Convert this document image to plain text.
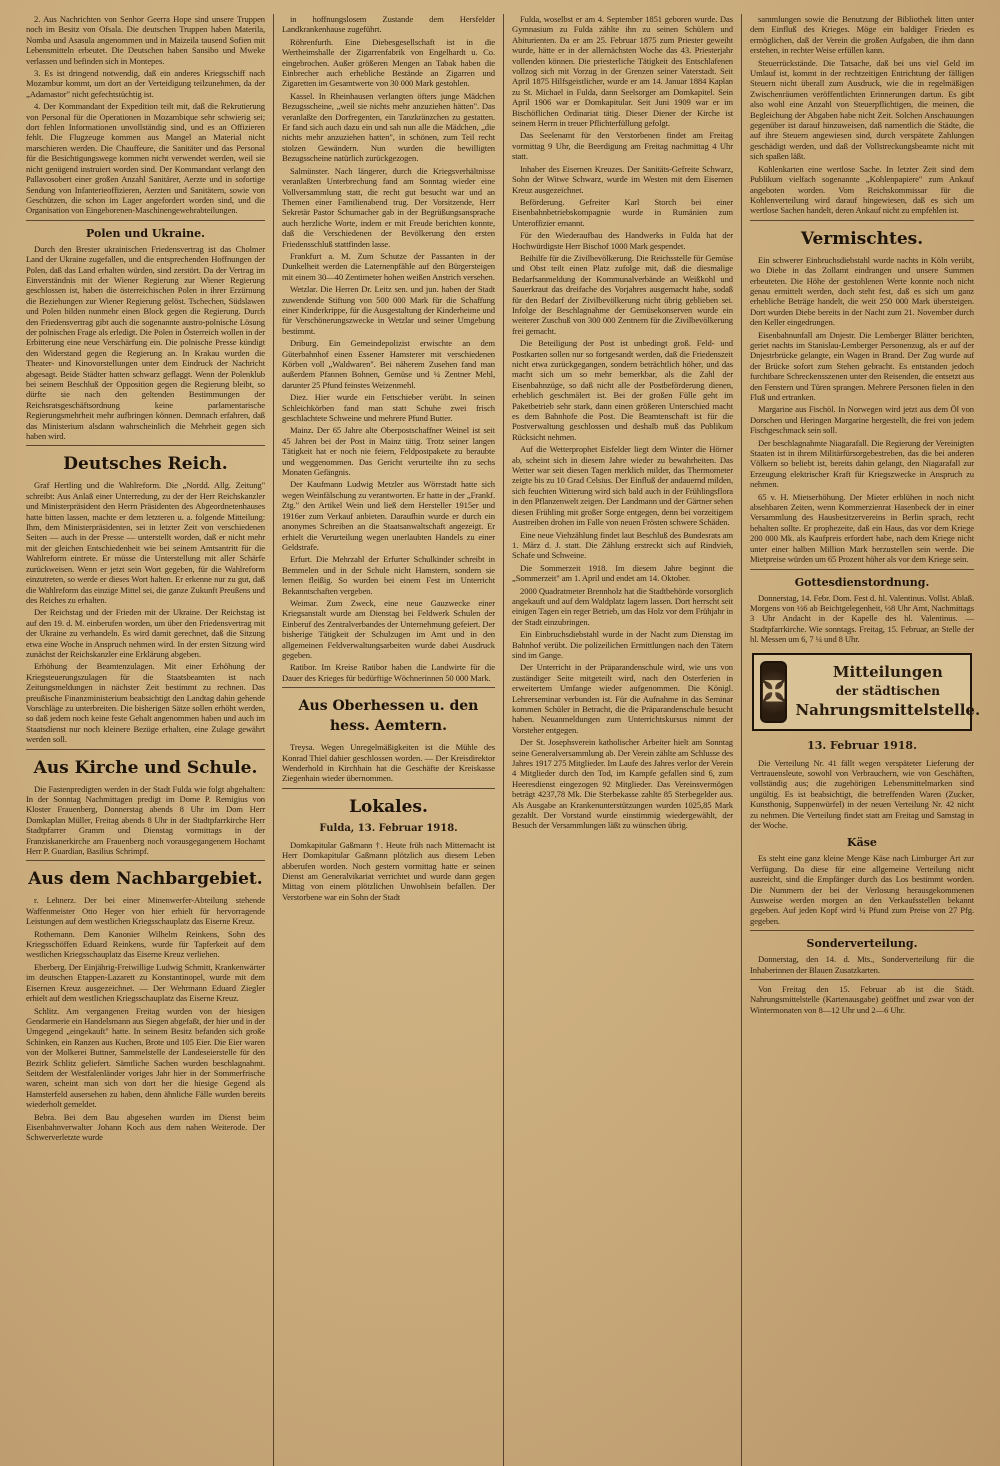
2. Aus Nachrichten von Senhor Geerra Hope sind unsere Truppen noch im Besitz von Ofsala. Die deutschen Truppen haben Materila, Nomba und Asasula angenommen und in Maizeila tausend Sofien mit Lebensmitteln erbeutet. Die Deutschen haben Sansibo und Mweke verlassen und befinden sich in Montepes.

3. Es ist dringend notwendig, daß ein anderes Kriegsschiff nach Mozambur kommt, um dort an der Verteidigung teilzunehmen, da der „Adamastor" nicht gefechtstüchtig ist.

4. Der Kommandant der Expedition teilt mit, daß die Rekrutierung von Personal für die Operationen in Mozambique sehr schwierig sei; dort fehlen Informationen unvollständig sind, und es an Offizieren fehlt. Die Flugzeuge kommen aus Mangel an Material nicht marschieren werden. Die Chauffeure, die Sanitäter und das Personal für die Besichtigungswege kommen nicht verwendet werden, weil sie nicht genügend instruiert worden sind. Der Kommandant verlangt den Pallavosobert einer großen Anzahl Sanitärer, Aerzte und in sofortige Sendung von Infanterieoffizieren, Aerzten und Sanitätern, sowie von Geschützen, die schon im Lager angefordert worden sind, und die Organisation von Eingeborenen-Maschinengewehrabteilungen.

Polen und Ukraine.

Durch den Brester ukrainischen Friedensvertrag ist das Cholmer Land der Ukraine zugefallen, und die entsprechenden Hoffnungen der Polen, daß das Land erhalten würden, sind zerstört. Da der Vertrag im Einverständnis mit der Wiener Regierung zur Wiener Regierung geschlossen ist, haben die österreichischen Polen in ihrer Erzürnung die Beziehungen zur Wiener Regierung gelöst. Tschechen, Südslawen und Polen bilden nunmehr einen Block gegen die Regierung. Durch den Friedensvertrag gibt auch die sogenannte austro-polnische Lösung der polnischen Frage als erledigt. Die Polen in Österreich wollen in der Erbitterung eine neue Verschärfung ein. Die polnische Presse kündigt den Widerstand gegen die Regierung an. In Krakau wurden die Theater- und Kinovorstellungen unter dem Eindruck der Nachricht abgesagt. Beide Städter hatten schwarz geflaggt. Wenn der Polenklub bei seinem Beschluß der Opposition gegen die Regierung bleibt, so dürfte sie nach den geltenden Bestimmungen der Reichsratsgeschäftsordnung keine parlamentarische Regierungsmehrheit mehr aufbringen können. Demnach erfahren, daß das Ministerium alsdann wahrscheinlich die Mehrheit gegen sich haben wird.

Deutsches Reich.

Graf Hertling und die Wahlreform. Die „Nordd. Allg. Zeitung" schreibt: Aus Anlaß einer Unterredung, zu der der Herr Reichskanzler und Ministerpräsident den Herrn Präsidenten des Abgeordnetenhauses hatte bitten lassen, machte er dem letzteren u. a. folgende Mitteilung: Ihm, dem Ministerpräsidenten, sei in letzter Zeit von verschiedenen Seiten — auch in der Presse — unterstellt worden, daß er nicht mehr mit der gleichen Entschiedenheit wie bei seinem Amtsantritt für die Wahlreform eintrete. Er müsse die Unterstellung mit aller Schärfe zurückweisen. Wenn er jetzt sein Wort gegeben, für die Wahlreform einzutreten, so werde er dieses Wort halten. Er erkenne nur zu gut, daß die Wahlreform das einzige Mittel sei, die ganze Zukunft Preußens und des Reiches zu erhalten.

Der Reichstag und der Frieden mit der Ukraine. Der Reichstag ist auf den 19. d. M. einberufen worden, um über den Friedensvertrag mit der Ukraine zu verhandeln. Es wird damit gerechnet, daß die Sitzung etwa eine Woche in Anspruch nehmen wird. In der ersten Sitzung wird zunächst der Reichskanzler eine Erklärung abgeben.

Erhöhung der Beamtenzulagen. Mit einer Erhöhung der Kriegsteuerungszulagen für die Staatsbeamten ist nach Zeitungsmeldungen in nächster Zeit bestimmt zu rechnen. Das preußische Finanzministerium beabsichtigt den Landtag dahin gehende Vorschläge zu unterbreiten. Die bisherigen Sätze sollen erhöht werden, so daß jedem noch keine feste Gehalt angenommen haben und auch im Staatsdienst nur noch kleinere Bezüge erhalten, eine Zulage gewährt werden soll.

Aus Kirche und Schule.

Die Fastenpredigten werden in der Stadt Fulda wie folgt abgehalten: In der Sonntag Nachmittagen predigt im Dome P. Remigius von Kloster Frauenberg, Donnerstag abends 8 Uhr im Dom Herr Domkaplan Müller, Freitag abends 8 Uhr in der Stadtpfarrkirche Herr Stadtpfarrer Gramm und Dienstag vormittags in der Franziskanerkirche am Frauenberg noch vorausgegangenem Hochamt Herr P. Guardian, Basilius Schrimpf.

Aus dem Nachbargebiet.

r. Lehnerz. Der bei einer Minenwerfer-Abteilung stehende Waffenmeister Otto Heger von hier erhielt für hervorragende Leistungen auf dem westlichen Kriegsschauplatz das Eiserne Kreuz.

Rothemann. Dem Kanonier Wilhelm Reinkens, Sohn des Kriegsschöffen Eduard Reinkens, wurde für Tapferkeit auf dem westlichen Kriegsschauplatz das Eiserne Kreuz verliehen.

Eberberg. Der Einjährig-Freiwillige Ludwig Schmitt, Krankenwärter im deutschen Etappen-Lazarett zu Konstantinopel, wurde mit dem Eisernen Kreuz ausgezeichnet. — Der Wehrmann Eduard Ziegler erhielt auf dem westlichen Kriegsschauplatz das Eiserne Kreuz.

Schlitz. Am vergangenen Freitag wurden von der hiesigen Gendarmerie ein Handelsmann aus Siegen abgefaßt, der hier und in der Umgegend „eingekauft" hatte. In seinem Besitz befanden sich große Schinken, ein Ranzen aus Kuchen, Brote und 105 Eier. Die Eier waren von der Molkerei Buttner, Sammelstelle der Landeseierstelle für den Bezirk Schlitz geliefert. Sämtliche Sachen wurden beschlagnahmt. Seitdem der Westfalenländer voriges Jahr hier in der Sommerfrische waren, scheint man sich von dort her die hiesige Gegend als Hamsterfeld ausersehen zu haben, denn ähnliche Fälle wurden bereits wiederholt gemeldet.

Bebra. Bei dem Bau abgesehen wurden im Dienst beim Eisenbahnverwalter Johann Koch aus dem nahen Weiterode. Der Schwerverletzte wurde

in hoffnungslosem Zustande dem Hersfelder Landkrankenhause zugeführt.

Röhrenfurth. Eine Diebesgesellschaft ist in die Wertheimshalle der Zigarrenfabrik von Engelhardt u. Co. eingebrochen. Außer größeren Mengen an Tabak haben die Einbrecher auch erhebliche Bestände an Zigarren und Zigaretten im Gesamtwerte von 30 000 Mark gestohlen.

Kassel. In Rheinhausen verlangten öfters junge Mädchen Bezugsscheine, „weil sie nichts mehr anzuziehen hätten". Das veranlaßte den Dorfregenten, ein Tanzkränzchen zu gestatten. Er fand sich auch dazu ein und sah nun alle die Mädchen, „die nichts mehr anzuziehen hatten", in schönen, zum Teil recht stolzen Gewändern. Nun wurden die bewilligten Bezugsscheine natürlich zurückgezogen.

Salmünster. Nach längerer, durch die Kriegsverhältnisse veranlaßten Unterbrechung fand am Sonntag wieder eine Vollversammlung statt, die recht gut besucht war und an Themen einer Familienabend trug. Der Vorsitzende, Herr Sekretär Pastor Schumacher gab in der Begrüßungsansprache auch herzliche Worte, indem er mit Freude berichten konnte, daß die Verschiedenen der Bevölkerung den ersten Friedensschluß stattfinden lasse.

Frankfurt a. M. Zum Schutze der Passanten in der Dunkelheit werden die Laternenpfähle auf den Bürgersteigen mit einem 30—40 Zentimeter hohen weißen Anstrich versehen.

Wetzlar. Die Herren Dr. Leitz sen. und jun. haben der Stadt zuwendende Stiftung von 500 000 Mark für die Schaffung einer Kinderkrippe, für die Ausgestaltung der Kinderheime und für Verschönerungszwecke in Wetzlar und seiner Umgebung bestimmt.

Driburg. Ein Gemeindepolizist erwischte an dem Güterbahnhof einen Essener Hamsterer mit verschiedenen Körben voll „Waldwaren". Bei näherem Zusehen fand man außerdem Pfannen Bohnen, Gemüse und ¼ Zentner Mehl, darunter 25 Pfund feinstes Weizenmehl.

Diez. Hier wurde ein Fettschieber verübt. In seinen Schleichkörben fand man statt Schuhe zwei frisch geschlachtete Schweine und mehrere Pfund Butter.

Mainz. Der 65 Jahre alte Oberpostschaffner Weinel ist seit 45 Jahren bei der Post in Mainz tätig. Trotz seiner langen Tätigkeit hat er noch nie feiern, Feldpostpakete zu beraubte und weggenommen. Das Gericht verurteilte ihn zu sechs Monaten Gefängnis.

Der Kaufmann Ludwig Metzler aus Wörrstadt hatte sich wegen Weinfälschung zu verantworten. Er hatte in der „Frankf. Ztg." den Artikel Wein und ließ dem Hersteller 1915er und 1916er zum Verkauf anbieten. Daraufhin wurde er durch ein anonymes Schreiben an die Staatsanwaltschaft angezeigt. Er erhielt die Verurteilung wegen unerlaubten Handels zu einer Geldstrafe.

Erfurt. Die Mehrzahl der Erfurter Schulkinder schreibt in Bemmelen und in der Schule nicht Hamstern, sondern sie lernen fleißig. So wurden bei einem Fest im Unterricht Bekanntschaften vergeben.

Weimar. Zum Zweck, eine neue Gauzwecke einer Kriegsanstalt wurde am Dienstag bei Feldwerk Schulen der Einberuf des Zentralverbandes der Unternehmung gefeiert. Der bisherige Tätigkeit der Schulzugen im Amt und in den allgemeinen Feldverwaltungsarbeiten wurde dabei Ausdruck gegeben.

Ratibor. Im Kreise Ratibor haben die Landwirte für die Dauer des Krieges für bedürftige Wöchnerinnen 50 000 Mark.

Aus Oberhessen u. den hess. Aemtern.

Treysa. Wegen Unregelmäßigkeiten ist die Mühle des Konrad Thiel dahier geschlossen worden. — Der Kreisdirektor Wenderhold in Kirchhain hat die Geschäfte der Kreiskasse Ziegenhain wieder übernommen.

Lokales.
Fulda, 13. Februar 1918.

Domkapitular Gaßmann †. Heute früh nach Mitternacht ist Herr Domkapitular Gaßmann plötzlich aus diesem Leben abberufen worden. Noch gestern vormittag hatte er seinen Dienst am Generalvikariat verrichtet und wurde dann gegen Mittag von einem plötzlichen Unwohlsein befallen. Der Verstorbene war ein Sohn der Stadt

Fulda, woselbst er am 4. September 1851 geboren wurde. Das Gymnasium zu Fulda zählte ihn zu seinen Schülern und Abiturienten. Da er am 25. Februar 1875 zum Priester geweiht wurde, hätte er in der allernächsten Woche das 43. Priesterjahr vollenden können. Die priesterliche Tätigkeit des Entschlafenen vollzog sich mit Vorzug in der Grenzen seiner Vaterstadt. Seit April 1875 Hilfsgeistlicher, wurde er am 14. Januar 1884 Kaplan zu St. Michael in Fulda, dann Seelsorger am Domkapitel. Sein April 1906 war er Domkapitular. Seit Juni 1909 war er im Bischöflichen Ordinariat tätig. Dieser Diener der Kirche ist seinem Herrn in treuer Pflichterfüllung gefolgt.

Das Seelenamt für den Verstorbenen findet am Freitag vormittag 9 Uhr, die Beerdigung am Freitag nachmittag 4 Uhr statt.

Inhaber des Eisernen Kreuzes. Der Sanitäts-Gefreite Schwarz, Sohn der Witwe Schwarz, wurde im Westen mit dem Eisernen Kreuz ausgezeichnet.

Beförderung. Gefreiter Karl Storch bei einer Eisenbahnbetriebskompagnie wurde in Rumänien zum Unteroffizier ernannt.

Für den Wiederaufbau des Handwerks in Fulda hat der Hochwürdigste Herr Bischof 1000 Mark gespendet.

Beihilfe für die Zivilbevölkerung. Die Reichsstelle für Gemüse und Obst teilt einen Platz zufolge mit, daß die diesmalige Bedarfsanmeldung der Kommunalverbände an Weißkohl und Sauerkraut das dreifache des Vorjahres ausgemacht habe, sodaß für den Bedarf der Zivilbevölkerung nicht übrig geblieben sei. Infolge der Beschlagnahme der Gemüsekonserven wurde ein weiterer Zuschuß von 300 000 Zentnern für die Zivilbevölkerung frei gemacht.

Die Beteiligung der Post ist unbedingt groß. Feld- und Postkarten sollen nur so fortgesandt werden, daß die Friedenszeit nicht etwa zurückgegangen, sondern beträchtlich höher, und das macht sich um so mehr bemerkbar, als die Zahl der Eisenbahnzüge, so daß nicht alle der Postbeförderung dienen, erheblich geschmälert ist. Bei der großen Fülle geht im Paketbetrieb sehr stark, dann einen größeren Unterschied macht es dem Bahnhofe die Post. Die Beamtenschaft ist für die Postverwaltung geschlossen und deshalb muß das Publikum Rücksicht nehmen.

Auf die Wetterprophet Eisfelder liegt dem Winter die Hörner ab, scheint sich in diesem Jahre wieder zu bewahrheiten. Das Wetter war seit diesen Tagen merklich milder, das Thermometer zeigte bis zu 10 Grad Celsius. Der Einfluß der andauernd milden, sich feuchten Witterung wird sich bald auch in der Frühlingsflora in den Pflanzenwelt zeigen. Der Landmann und der Gärtner sehen diesen Frühling mit großer Sorge entgegen, denn bei vorzeitigem Austreiben drohen im Falle von neuen Frösten schwere Schäden.

Eine neue Viehzählung findet laut Beschluß des Bundesrats am 1. März d. J. statt. Die Zählung erstreckt sich auf Rindvieh, Schafe und Schweine.

Die Sommerzeit 1918. Im diesem Jahre beginnt die „Sommerzeit" am 1. April und endet am 14. Oktober.

2000 Quadratmeter Brennholz hat die Stadtbehörde vorsorglich angekauft und auf dem Waldplatz lagern lassen. Dort herrscht seit einigen Tagen ein reger Betrieb, um das Holz vor dem Frühjahr in der Stadt einzubringen.

Ein Einbruchsdiebstahl wurde in der Nacht zum Dienstag im Bahnhof verübt. Die polizeilichen Ermittlungen nach den Tätern sind im Gange.

Der Unterricht in der Präparandenschule wird, wie uns von zuständiger Seite mitgeteilt wird, nach den Osterferien in erweitertem Umfange wieder aufgenommen. Die Königl. Lehrerseminar verbunden ist. Für die Aufnahme in das Seminar kommen Schüler in Betracht, die die Präparandenschule besucht haben. Neuanmeldungen zum Unterrichtskursus nimmt der Vorsteher entgegen.

Der St. Josephsverein katholischer Arbeiter hielt am Sonntag seine Generalversammlung ab. Der Verein zählte am Schlusse des Jahres 1917 275 Mitglieder. Im Laufe des Jahres verlor der Verein 4 Mitglieder durch den Tod, im Kampfe gefallen sind 6, zum Heeresdienst eingezogen 92 Mitglieder. Das Vereinsvermögen beträgt 4237,78 Mk. Die Sterbekasse zahlte 85 Sterbegelder aus. Als Ausgabe an Krankenunterstützungen wurden 1025,85 Mark gezahlt. Der Vorstand wurde einstimmig wiedergewählt, der Besuch der Versammlungen läßt zu wünschen übrig.

sammlungen sowie die Benutzung der Bibliothek litten unter dem Einfluß des Krieges. Möge ein baldiger Frieden es ermöglichen, daß der Verein die großen Aufgaben, die ihm dann erstehen, in rechter Weise erfüllen kann.

Steuerrückstände. Die Tatsache, daß bei uns viel Geld im Umlauf ist, kommt in der rechtzeitigen Entrichtung der fälligen Steuern nicht überall zum Ausdruck, wie die in regelmäßigen Zwischenräumen veröffentlichten Erinnerungen dartun. Es gibt also wohl eine Anzahl von Steuerpflichtigen, die meinen, die Begleichung der Abgaben habe nicht Zeit. Solchen Anschauungen gegenüber ist darauf hinzuweisen, daß namentlich die Städte, die auf ihre Steuern angewiesen sind, durch verspätete Zahlungen geschädigt werden, und daß der Vollstreckungsbeamte nicht mit sich spaßen läßt.

Kohlenkarten eine wertlose Sache. In letzter Zeit sind dem Publikum vielfach sogenannte „Kohlenpapiere" zum Ankauf angeboten worden. Vom Reichskommissar für die Kohlenverteilung wird darauf hingewiesen, daß es sich um wertlose Sachen handelt, deren Ankauf nicht zu empfehlen ist.

Vermischtes.

Ein schwerer Einbruchsdiebstahl wurde nachts in Köln verübt, wo Diebe in das Zollamt eindrangen und unsere Summen erbeuteten. Die Höhe der gestohlenen Werte konnte noch nicht genau ermittelt werden, doch steht fest, daß es sich um ganz erhebliche Beträge handelt, die weit 250 000 Mark übersteigen. Dort wurden Diebe bereits in der Nacht zum 21. November durch den Keller eingedrungen.

Eisenbahnunfall am Dnjestr. Die Lemberger Blätter berichten, geriet nachts im Stanislau-Lemberger Personenzug, als er auf der Dnjestrbrücke gelangte, ein Wagen in Brand. Der Zug wurde auf der Brücke sofort zum Stehen gebracht. Es entstanden jedoch furchtbare Schreckensszenen unter den Reisenden, die entsetzt aus den Fenstern und Türen sprangen. Mehrere Personen fielen in den Fluß und ertranken.

Margarine aus Fischöl. In Norwegen wird jetzt aus dem Öl von Dorschen und Heringen Margarine hergestellt, die frei von jedem Fischgeschmack sein soll.

Der beschlagnahmte Niagarafall. Die Regierung der Vereinigten Staaten ist in ihrem Militärfürsorgebestreben, das die bei anderen Völkern so beliebt ist, bereits dahin gelangt, den Niagarafall zur Erzeugung elektrischer Kraft für Kriegszwecke in Anspruch zu nehmen.

65 v. H. Mietserhöhung. Der Mieter erblühen in noch nicht absehbaren Zeiten, wenn Kommerzienrat Hasenbeck der in einer Versammlung des Hausbesitzervereins in Berlin sprach, recht behalten sollte. Er prophezeite, daß ein Haus, das vor dem Kriege 200 000 Mk. als Kaufpreis erfordert habe, nach dem Kriege nicht unter einer halben Million Mark herzustellen sein werde. Die Mietpreise würden um 65 Prozent höher als vor dem Kriege sein.

Gottesdienstordnung.

Donnerstag, 14. Febr. Dom. Fest d. hl. Valentinus. Vollst. Ablaß. Morgens von ½6 ab Beichtgelegenheit, ½8 Uhr Amt, Nachmittags 3 Uhr Andacht in der Kapelle des hl. Valentinus. — Stadtpfarrkirche. Wie sonntags. Freitag, 15. Februar, an Stelle der hl. Messen um 6, 7 ¼ und 8 Uhr.

✠
Mitteilungen
der städtischen
Nahrungsmittelstelle.
13. Februar 1918.

Die Verteilung Nr. 41 fällt wegen verspäteter Lieferung der Vertrauensleute, sowohl von Verbrauchern, wie von Geschäften, vollständig aus; die zugehörigen Lebensmittelmarken sind ungültig. Es ist beabsichtigt, die betreffenden Waren (Zucker, Kunsthonig, Suppenwürfel) in der neuen Verteilung Nr. 42 nicht zu nehmen. Die Verteilung findet statt am Freitag und Samstag in der Woche.

Käse

Es steht eine ganz kleine Menge Käse nach Limburger Art zur Verfügung. Da diese für eine allgemeine Verteilung nicht ausreicht, sind die Empfänger durch das Los bestimmt worden. Die Nummern der bei der Verlosung herausgekommenen Ausweise werden morgen an den Verkaufsstellen bekannt gegeben. Auf jeden Kopf wird ¼ Pfund zum Preise von 27 Pfg. gegeben.

Sonderverteilung.

Donnerstag, den 14. d. Mts., Sonderverteilung für die Inhaberinnen der Blauen Zusatzkarten.

Von Freitag den 15. Februar ab ist die Städt. Nahrungsmittelstelle (Kartenausgabe) geöffnet und zwar von der Wintermonaten von 8—12 Uhr und 2—6 Uhr.
